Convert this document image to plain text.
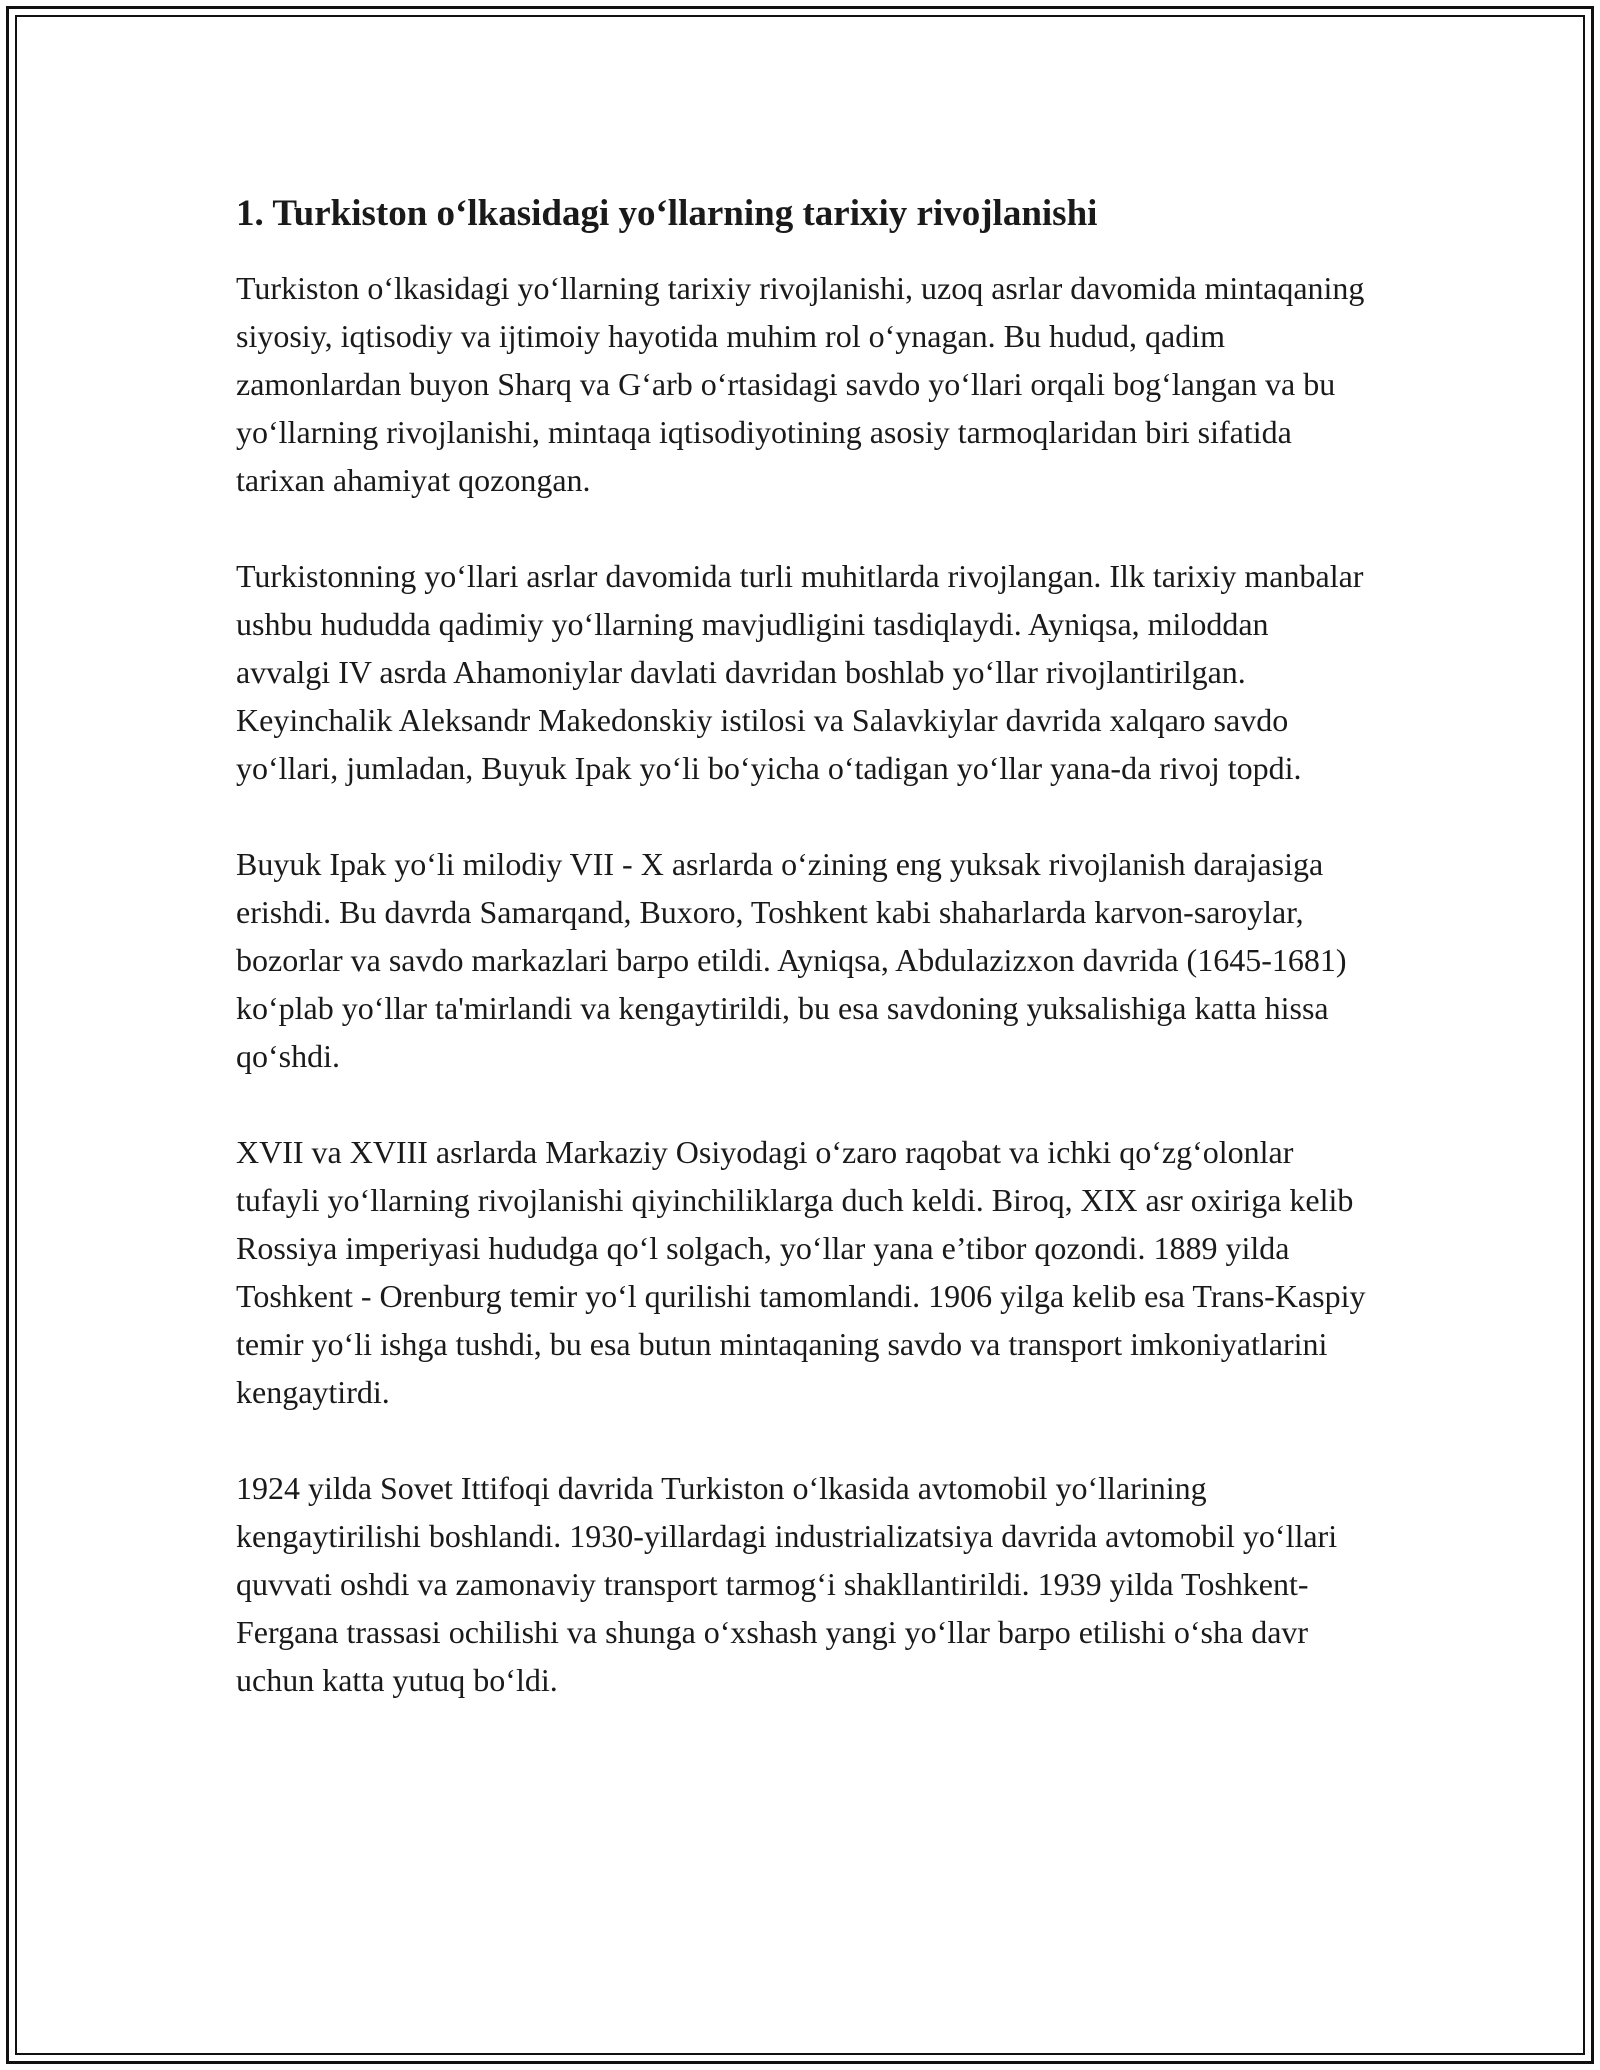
1. Turkiston o‘lkasidagi yo‘llarning tarixiy rivojlanishi

Turkiston o‘lkasidagi yo‘llarning tarixiy rivojlanishi, uzoq asrlar davomida mintaqaning siyosiy, iqtisodiy va ijtimoiy hayotida muhim rol o‘ynagan. Bu hudud, qadim zamonlardan buyon Sharq va G‘arb o‘rtasidagi savdo yo‘llari orqali bog‘langan va bu yo‘llarning rivojlanishi, mintaqa iqtisodiyotining asosiy tarmoqlaridan biri sifatida tarixan ahamiyat qozongan.

Turkistonning yo‘llari asrlar davomida turli muhitlarda rivojlangan. Ilk tarixiy manbalar ushbu hududda qadimiy yo‘llarning mavjudligini tasdiqlaydi. Ayniqsa, miloddan avvalgi IV asrda Ahamoniylar davlati davridan boshlab yo‘llar rivojlantirilgan. Keyinchalik Aleksandr Makedonskiy istilosi va Salavkiylar davrida xalqaro savdo yo‘llari, jumladan, Buyuk Ipak yo‘li bo‘yicha o‘tadigan yo‘llar yana-da rivoj topdi.

Buyuk Ipak yo‘li milodiy VII - X asrlarda o‘zining eng yuksak rivojlanish darajasiga erishdi. Bu davrda Samarqand, Buxoro, Toshkent kabi shaharlarda karvon-saroylar, bozorlar va savdo markazlari barpo etildi. Ayniqsa, Abdulazizxon davrida (1645-1681) ko‘plab yo‘llar ta'mirlandi va kengaytirildi, bu esa savdoning yuksalishiga katta hissa qo‘shdi.

XVII va XVIII asrlarda Markaziy Osiyodagi o‘zaro raqobat va ichki qo‘zg‘olonlar tufayli yo‘llarning rivojlanishi qiyinchiliklarga duch keldi. Biroq, XIX asr oxiriga kelib Rossiya imperiyasi hududga qo‘l solgach, yo‘llar yana e’tibor qozondi. 1889 yilda Toshkent - Orenburg temir yo‘l qurilishi tamomlandi. 1906 yilga kelib esa Trans-Kaspiy temir yo‘li ishga tushdi, bu esa butun mintaqaning savdo va transport imkoniyatlarini kengaytirdi.

1924 yilda Sovet Ittifoqi davrida Turkiston o‘lkasida avtomobil yo‘llarining kengaytirilishi boshlandi. 1930-yillardagi industrializatsiya davrida avtomobil yo‘llari quvvati oshdi va zamonaviy transport tarmog‘i shakllantirildi. 1939 yilda Toshkent-Fergana trassasi ochilishi va shunga o‘xshash yangi yo‘llar barpo etilishi o‘sha davr uchun katta yutuq bo‘ldi.
